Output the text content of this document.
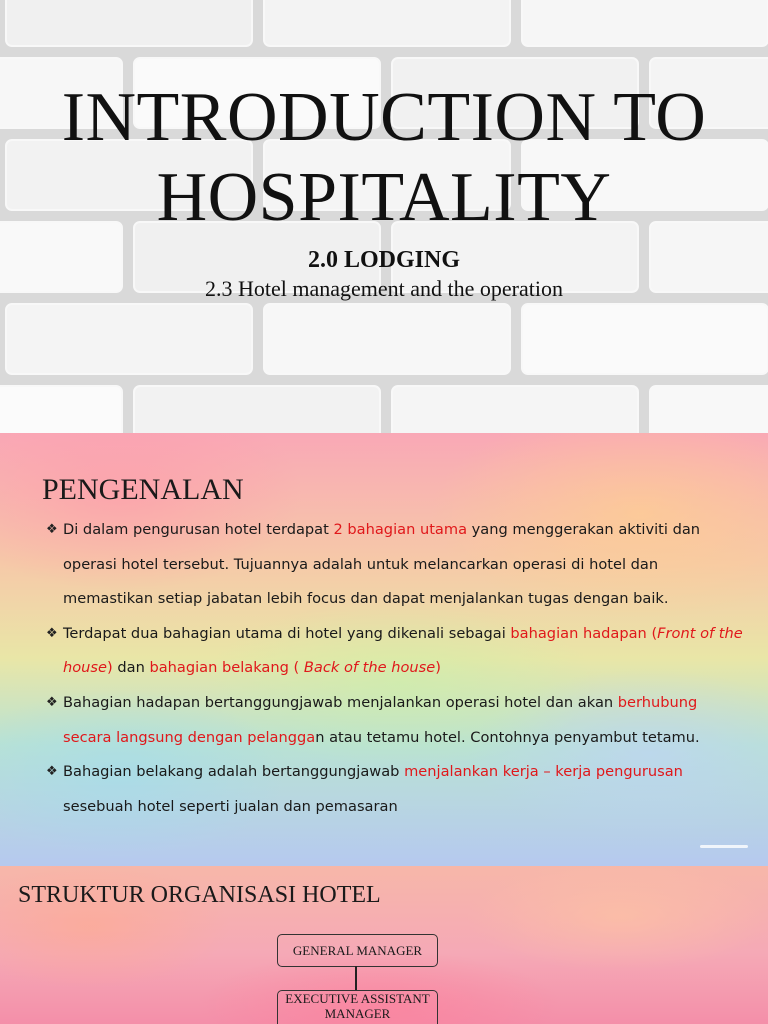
INTRODUCTION TO
HOSPITALITY
2.0 LODGING
2.3 Hotel management and the operation
PENGENALAN
❖ Di dalam pengurusan hotel terdapat 2 bahagian utama yang menggerakan aktiviti dan operasi hotel tersebut. Tujuannya adalah untuk melancarkan operasi di hotel dan memastikan setiap jabatan lebih focus dan dapat menjalankan tugas dengan baik.
❖ Terdapat dua bahagian utama di hotel yang dikenali sebagai bahagian hadapan (Front of the house) dan bahagian belakang ( Back of the house)
❖ Bahagian hadapan bertanggungjawab menjalankan operasi hotel dan akan berhubung secara langsung dengan pelanggan atau tetamu hotel. Contohnya penyambut tetamu.
❖ Bahagian belakang adalah bertanggungjawab menjalankan kerja – kerja pengurusan sesebuah hotel seperti jualan dan pemasaran
STRUKTUR ORGANISASI HOTEL
GENERAL MANAGER
EXECUTIVE ASSISTANT MANAGER
